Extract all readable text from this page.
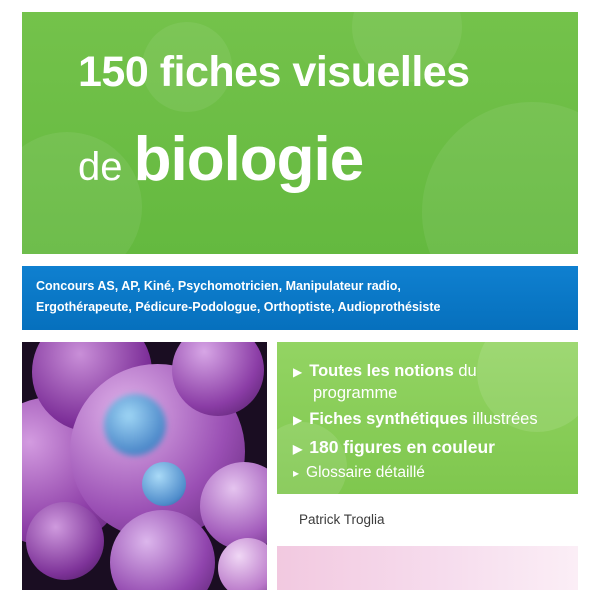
150 fiches visuelles
de biologie
Concours AS, AP, Kiné, Psychomotricien, Manipulateur radio,
Ergothérapeute, Pédicure-Podologue, Orthoptiste, Audioprothésiste
▶ Toutes les notions du
programme
▶ Fiches synthétiques illustrées
▶ 180 figures en couleur
▸ Glossaire détaillé
Patrick Troglia
